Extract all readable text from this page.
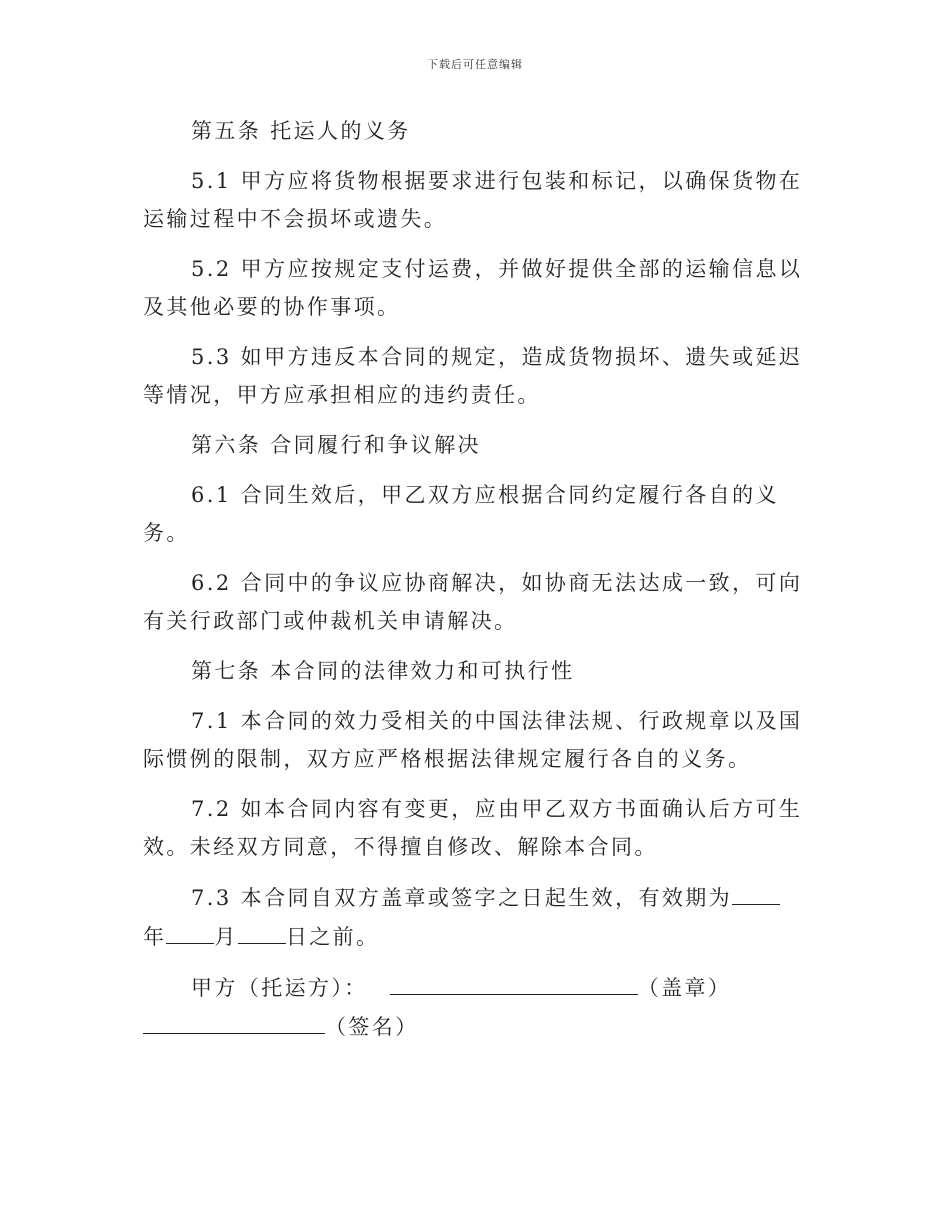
下载后可任意编辑

第五条 托运人的义务

5.1 甲方应将货物根据要求进行包装和标记，以确保货物在运输过程中不会损坏或遗失。

5.2 甲方应按规定支付运费，并做好提供全部的运输信息以及其他必要的协作事项。

5.3 如甲方违反本合同的规定，造成货物损坏、遗失或延迟等情况，甲方应承担相应的违约责任。

第六条 合同履行和争议解决

6.1 合同生效后，甲乙双方应根据合同约定履行各自的义务。

6.2 合同中的争议应协商解决，如协商无法达成一致，可向有关行政部门或仲裁机关申请解决。

第七条 本合同的法律效力和可执行性

7.1 本合同的效力受相关的中国法律法规、行政规章以及国际惯例的限制，双方应严格根据法律规定履行各自的义务。

7.2 如本合同内容有变更，应由甲乙双方书面确认后方可生效。未经双方同意，不得擅自修改、解除本合同。

7.3 本合同自双方盖章或签字之日起生效，有效期为年 月 日之前。

甲方（托运方）：	（盖章）（签名）
